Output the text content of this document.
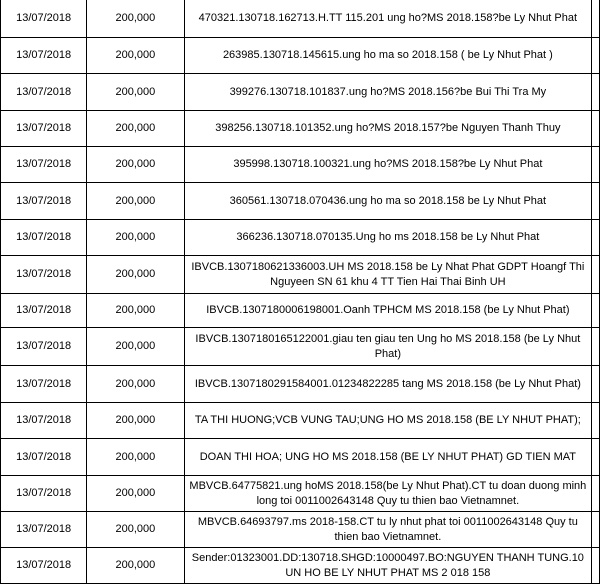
13/07/2018	200,000	470321.130718.162713.H.TT 115.201 ung ho?MS 2018.158?be Ly Nhut Phat	
13/07/2018	200,000	263985.130718.145615.ung ho ma so 2018.158 ( be Ly Nhut Phat )	
13/07/2018	200,000	399276.130718.101837.ung ho?MS 2018.156?be Bui Thi Tra My	
13/07/2018	200,000	398256.130718.101352.ung ho?MS 2018.157?be Nguyen Thanh Thuy	
13/07/2018	200,000	395998.130718.100321.ung ho?MS 2018.158?be Ly Nhut Phat	
13/07/2018	200,000	360561.130718.070436.ung ho ma so 2018.158 be Ly Nhut Phat	
13/07/2018	200,000	366236.130718.070135.Ung ho ms 2018.158 be Ly Nhut Phat	
13/07/2018	200,000	IBVCB.1307180621336003.UH MS 2018.158 be Ly Nhat Phat GDPT Hoangf Thi Nguyeen SN 61 khu 4 TT Tien Hai Thai Binh UH	
13/07/2018	200,000	IBVCB.1307180006198001.Oanh TPHCM MS 2018.158 (be Ly Nhut Phat)	
13/07/2018	200,000	IBVCB.1307180165122001.giau ten giau ten Ung ho MS 2018.158 (be Ly Nhut Phat)	
13/07/2018	200,000	IBVCB.1307180291584001.01234822285 tang MS 2018.158 (be Ly Nhut Phat)	
13/07/2018	200,000	TA THI HUONG;VCB VUNG TAU;UNG HO MS 2018.158 (BE LY NHUT PHAT);	
13/07/2018	200,000	DOAN THI HOA; UNG HO MS 2018.158 (BE LY NHUT PHAT) GD TIEN MAT	
13/07/2018	200,000	MBVCB.64775821.ung hoMS 2018.158(be Ly Nhut Phat).CT tu doan duong minh long toi 0011002643148 Quy tu thien bao Vietnamnet.	
13/07/2018	200,000	MBVCB.64693797.ms 2018-158.CT tu ly nhut phat toi 0011002643148 Quy tu thien bao Vietnamnet.	
13/07/2018	200,000	Sender:01323001.DD:130718.SHGD:10000497.BO:NGUYEN THANH TUNG.10 UN HO BE LY NHUT PHAT MS 2 018 158	
